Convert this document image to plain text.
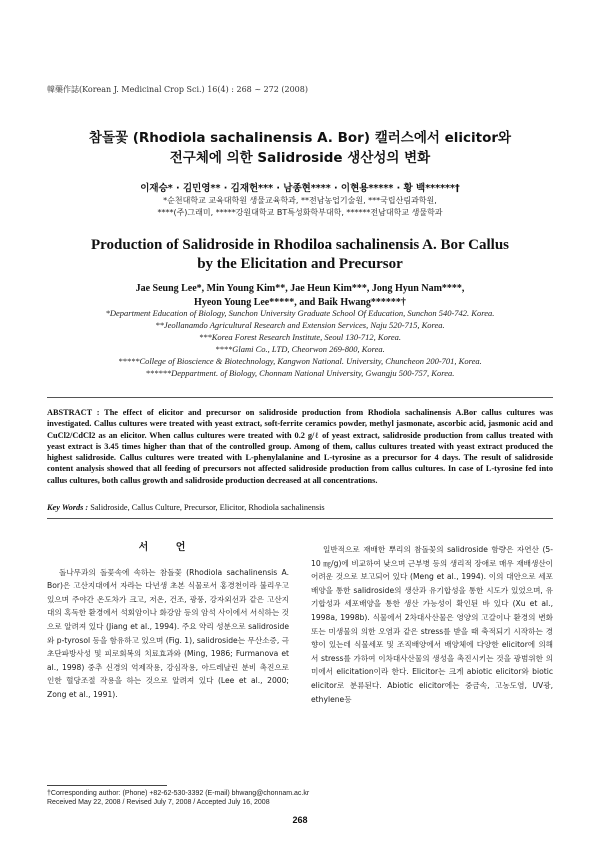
韓藥作誌(Korean J. Medicinal Crop Sci.) 16(4) : 268 ~ 272 (2008)
참돌꽃 (Rhodiola sachalinensis A. Bor) 캘러스에서 elicitor와
전구체에 의한 Salidroside 생산성의 변화
이재승* · 김민영** · 김재헌*** · 남종현**** · 이현용***** · 황 백******†
*순천대학교 교육대학원 생물교육학과, **전남농업기술원, ***국립산림과학원,
****(주)그래미, *****강원대학교 BT특성화학부대학, ******전남대학교 생물학과
Production of Salidroside in Rhodiloa sachalinensis A. Bor Callus
by the Elicitation and Precursor
Jae Seung Lee*, Min Young Kim**, Jae Heun Kim***, Jong Hyun Nam****,
Hyeon Young Lee*****, and Baik Hwang******†
*Department Education of Biology, Sunchon University Graduate School Of Education, Sunchon 540-742. Korea.
**Jeollanamdo Agricultural Research and Extension Services, Naju 520-715, Korea.
***Korea Forest Research Institute, Seoul 130-712, Korea.
****Glami Co., LTD, Cheorwon 269-800, Korea.
*****College of Bioscience & Biotechnology, Kangwon National. University, Chuncheon 200-701, Korea.
******Deppartment. of Biology, Chonnam National University, Gwangju 500-757, Korea.
ABSTRACT : The effect of elicitor and precursor on salidroside production from Rhodiola sachalinensis A.Bor callus cultures was investigated. Callus cultures were treated with yeast extract, soft-ferrite ceramics powder, methyl jasmonate, ascorbic acid, jasmonic acid and CuCl2/CdCl2 as an elicitor. When callus cultures were treated with 0.2 g/ℓ of yeast extract, salidroside production from callus treated with yeast extract is 3.45 times higher than that of the controlled group. Among of them, callus cultures treated with yeast extract produced the highest salidroside. Callus cultures were treated with L-phenylalanine and L-tyrosine as a precursor for 4 days. The result of salidroside content analysis showed that all feeding of precursors not affected salidroside production from callus cultures. In case of L-tyrosine fed into callus cultures, both callus growth and salidroside production decreased at all concentrations.
Key Words : Salidroside, Callus Culture, Precursor, Elicitor, Rhodiola sachalinensis
서 언

돌나무과의 돌꽃속에 속하는 참돌꽃 (Rhodiola sachalinensis A. Bor)은 고산지대에서 자라는 다년생 초본 식물로서 홍경천이라 불리우고 있으며 주야간 온도차가 크고, 저온, 건조, 광풍, 강자외선과 같은 고산지대의 혹독한 환경에서 석회암이나 화강암 등의 암석 사이에서 서식하는 것으로 알려져 있다 (Jiang et al., 1994). 주요 약리 성분으로 salidroside와 p-tyrosol 등을 함유하고 있으며 (Fig. 1), salidroside는 무산소증, 극초단파방사성 및 피로회복의 치료효과와 (Ming, 1986; Furmanova et al., 1998) 중추 신경의 억제작용, 강심작용, 아드레날린 분비 촉진으로 인한 혈당조절 작용을 하는 것으로 알려져 있다 (Lee et al., 2000; Zong et al., 1991).

일반적으로 재배한 뿌리의 참돌꽃의 salidroside 함량은 자연산 (5-10 ㎎/g)에 비교하여 낮으며 근부병 등의 생리적 장애로 매우 재배생산이 어려운 것으로 보고되어 있다 (Meng et al., 1994). 이의 대안으로 세포배양을 통한 salidroside의 생산과 유기합성을 통한 시도가 있었으며, 유기합성과 세포배양을 통한 생산 가능성이 확인된 바 있다 (Xu et al., 1998a, 1998b). 식물에서 2차대사산물은 영양의 고갈이나 환경의 변화 또는 미생물의 의한 오염과 같은 stress를 받을 때 축적되기 시작하는 경향이 있는데 식물세포 및 조직배양에서 배양체에 다양한 elicitor에 의해서 stress를 가하여 이차대사산물의 생성을 촉진시키는 것을 광범위한 의미에서 elicitation이라 한다. Elicitor는 크게 abiotic elicitor와 biotic elicitor로 분류된다. Abiotic elicitor에는 중금속, 고농도염, UV광, ethylene등

†Corresponding author: (Phone) +82-62-530-3392 (E-mail) bhwang@chonnam.ac.kr
Received May 22, 2008 / Revised July 7, 2008 / Accepted July 16, 2008
268
